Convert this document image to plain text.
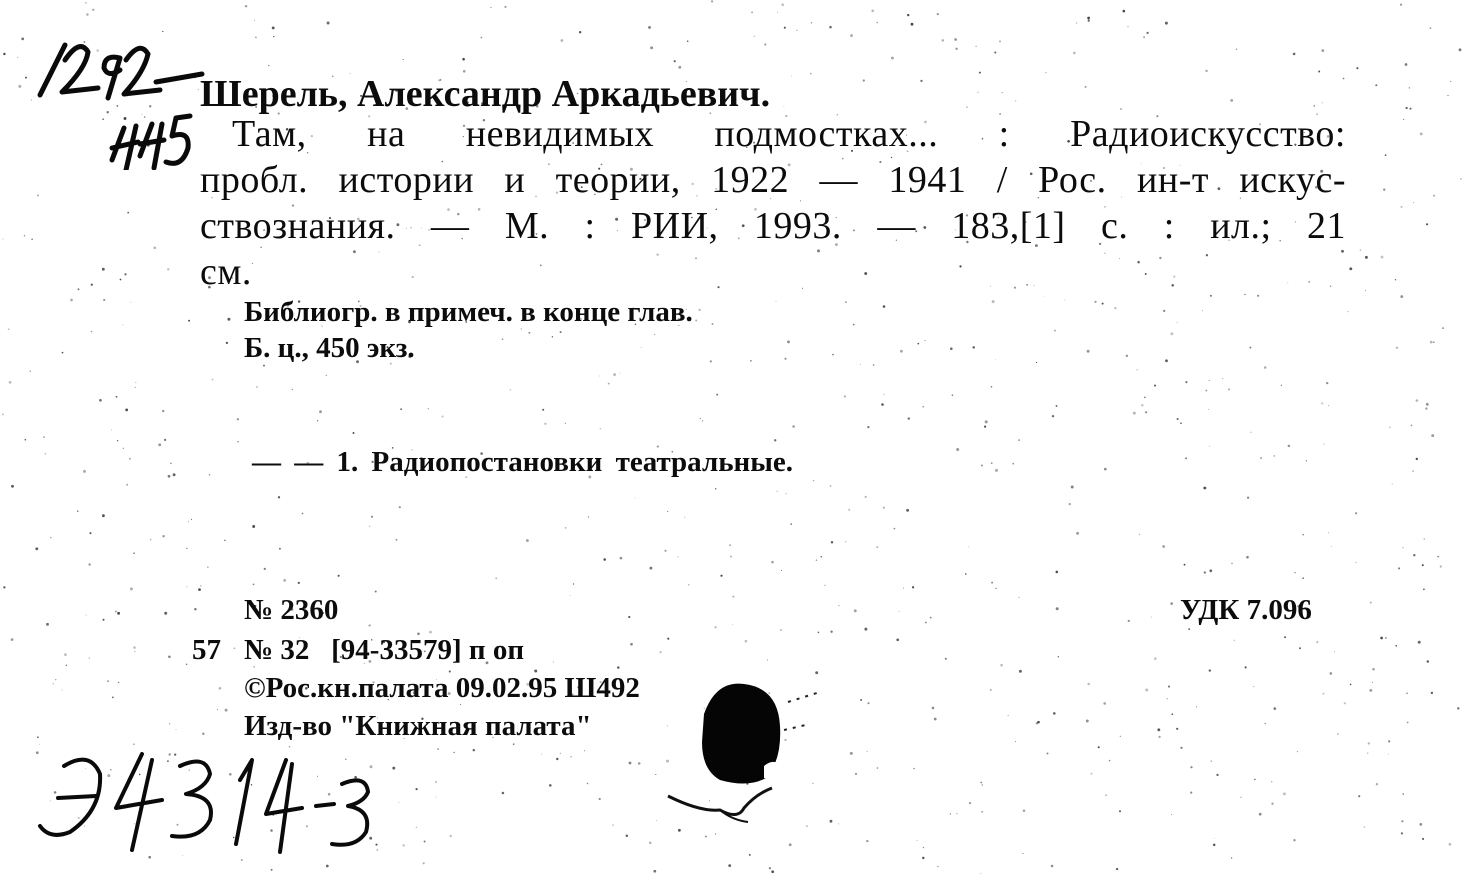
Шерель, Александр Аркадьевич.
Там, на невидимых подмостках... : Радиоискусство:
пробл. истории и теории, 1922 — 1941 / Рос. ин-т искус-
ствознания. — М. : РИИ, 1993. — 183,[1] с. : ил.; 21
см.
Библиогр. в примеч. в конце глав.
Б. ц., 450 экз.
— — 1. Радиопостановки театральные.
№ 2360
57 № 32   [94-33579] п оп
©Рос.кн.палата 09.02.95 Ш492
Изд-во "Книжная палата"
УДК 7.096
